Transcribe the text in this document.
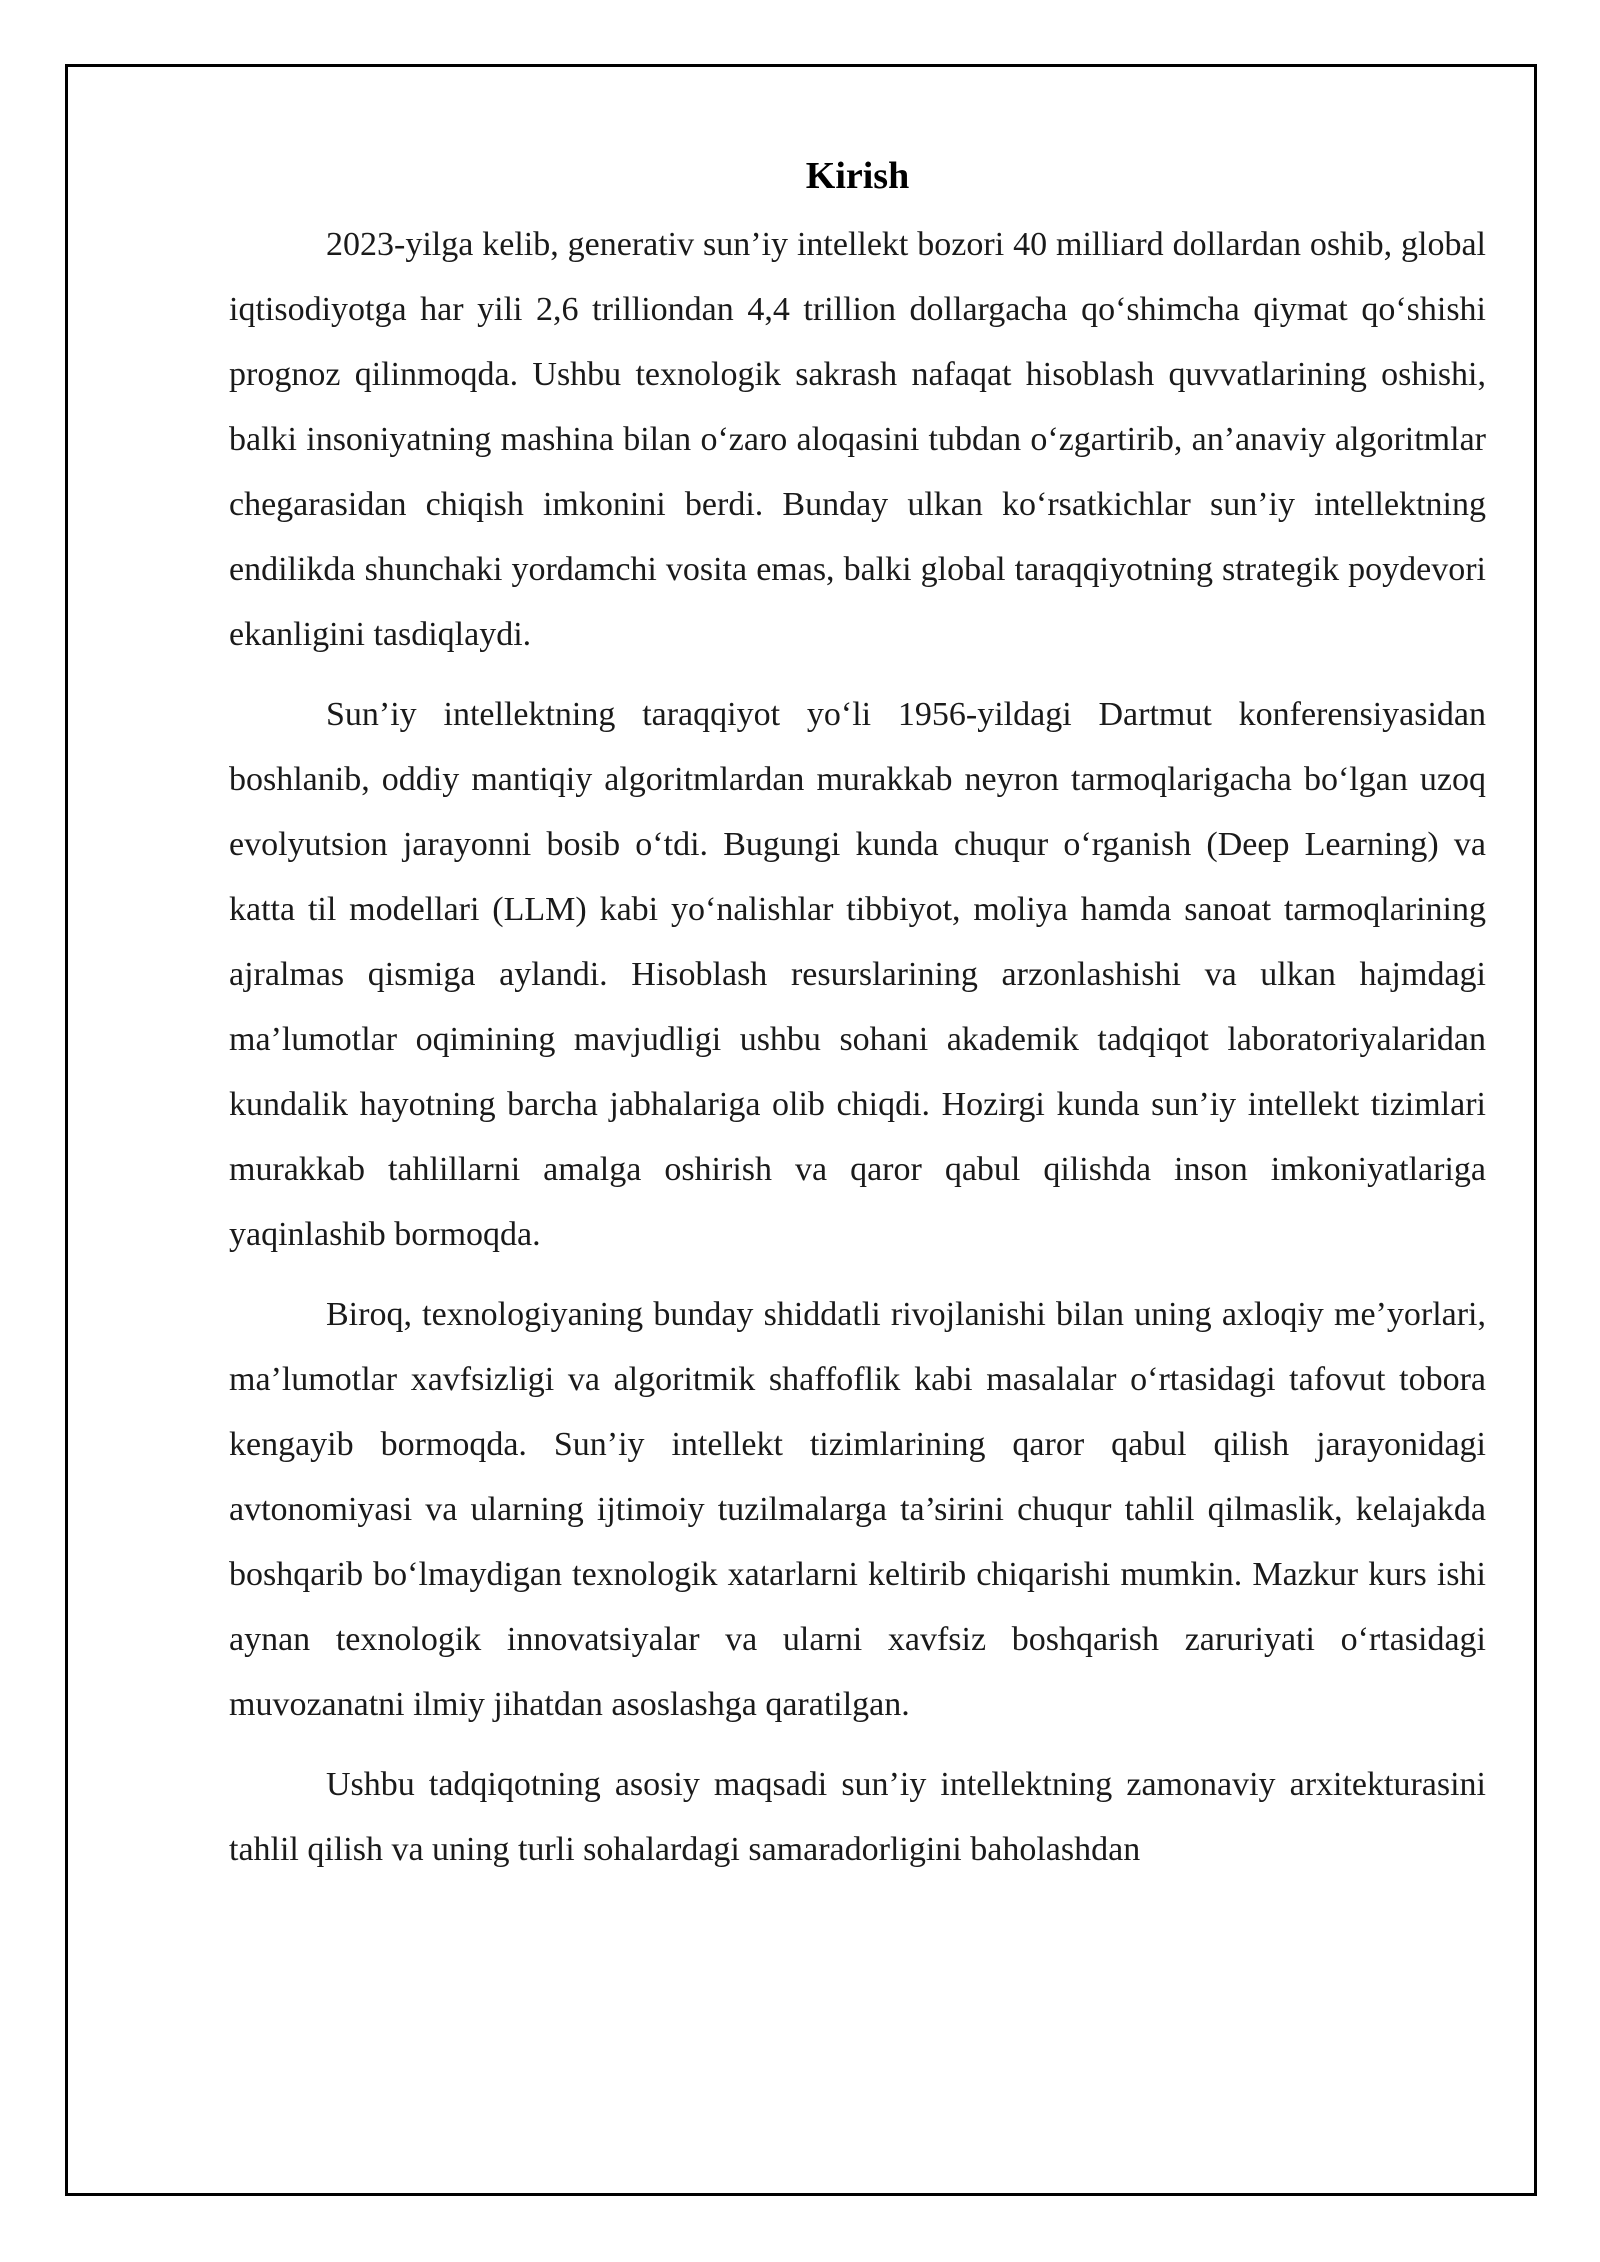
Kirish

2023-yilga kelib, generativ sun’iy intellekt bozori 40 milliard dollardan oshib, global iqtisodiyotga har yili 2,6 trilliondan 4,4 trillion dollargacha qo‘shimcha qiymat qo‘shishi prognoz qilinmoqda. Ushbu texnologik sakrash nafaqat hisoblash quvvatlarining oshishi, balki insoniyatning mashina bilan o‘zaro aloqasini tubdan o‘zgartirib, an’anaviy algoritmlar chegarasidan chiqish imkonini berdi. Bunday ulkan ko‘rsatkichlar sun’iy intellektning endilikda shunchaki yordamchi vosita emas, balki global taraqqiyotning strategik poydevori ekanligini tasdiqlaydi.

Sun’iy intellektning taraqqiyot yo‘li 1956-yildagi Dartmut konferensiyasidan boshlanib, oddiy mantiqiy algoritmlardan murakkab neyron tarmoqlarigacha bo‘lgan uzoq evolyutsion jarayonni bosib o‘tdi. Bugungi kunda chuqur o‘rganish (Deep Learning) va katta til modellari (LLM) kabi yo‘nalishlar tibbiyot, moliya hamda sanoat tarmoqlarining ajralmas qismiga aylandi. Hisoblash resurslarining arzonlashishi va ulkan hajmdagi ma’lumotlar oqimining mavjudligi ushbu sohani akademik tadqiqot laboratoriyalaridan kundalik hayotning barcha jabhalariga olib chiqdi. Hozirgi kunda sun’iy intellekt tizimlari murakkab tahlillarni amalga oshirish va qaror qabul qilishda inson imkoniyatlariga yaqinlashib bormoqda.

Biroq, texnologiyaning bunday shiddatli rivojlanishi bilan uning axloqiy me’yorlari, ma’lumotlar xavfsizligi va algoritmik shaffoflik kabi masalalar o‘rtasidagi tafovut tobora kengayib bormoqda. Sun’iy intellekt tizimlarining qaror qabul qilish jarayonidagi avtonomiyasi va ularning ijtimoiy tuzilmalarga ta’sirini chuqur tahlil qilmaslik, kelajakda boshqarib bo‘lmaydigan texnologik xatarlarni keltirib chiqarishi mumkin. Mazkur kurs ishi aynan texnologik innovatsiyalar va ularni xavfsiz boshqarish zaruriyati o‘rtasidagi muvozanatni ilmiy jihatdan asoslashga qaratilgan.

Ushbu tadqiqotning asosiy maqsadi sun’iy intellektning zamonaviy arxitekturasini tahlil qilish va uning turli sohalardagi samaradorligini baholashdan
